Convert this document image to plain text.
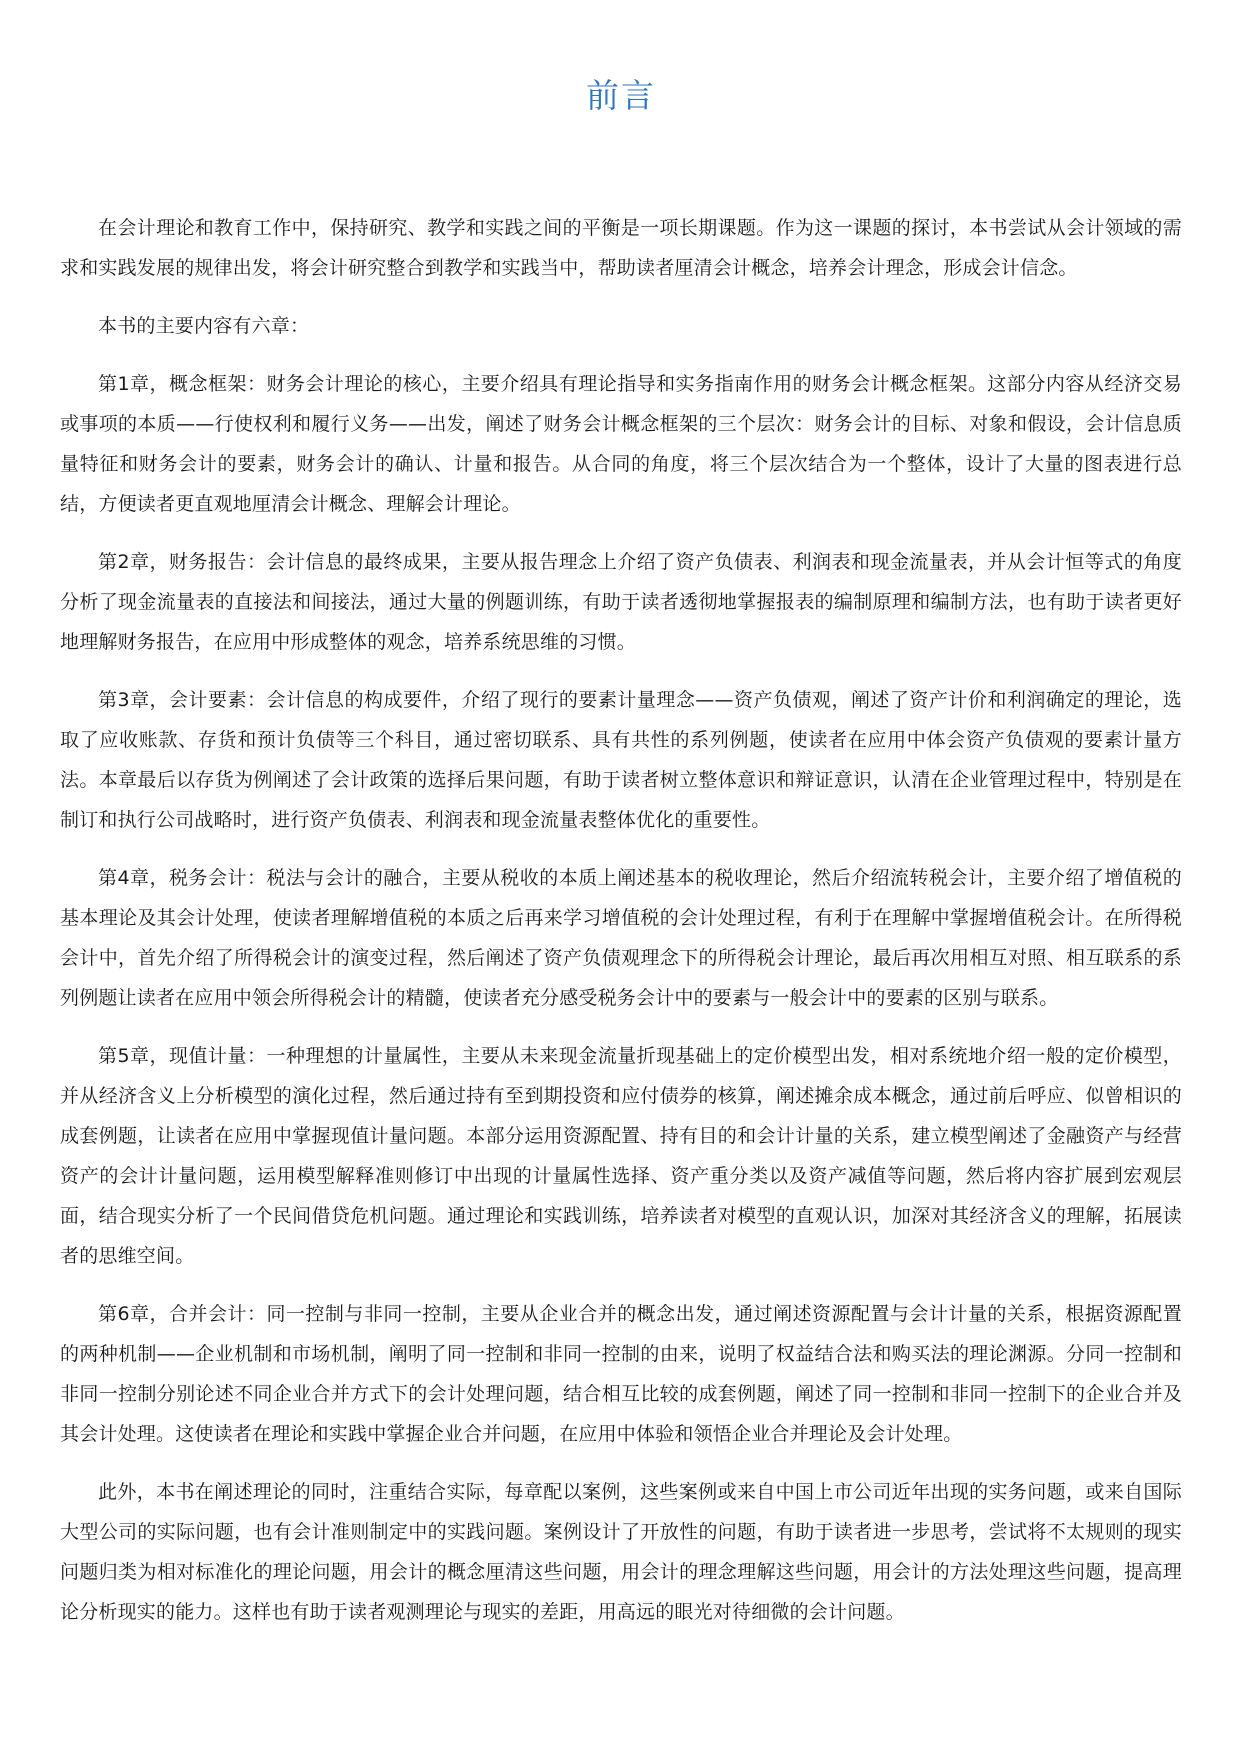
前言

在会计理论和教育工作中，保持研究、教学和实践之间的平衡是一项长期课题。作为这一课题的探讨，本书尝试从会计领域的需求和实践发展的规律出发，将会计研究整合到教学和实践当中，帮助读者厘清会计概念，培养会计理念，形成会计信念。

本书的主要内容有六章：

第1章，概念框架：财务会计理论的核心，主要介绍具有理论指导和实务指南作用的财务会计概念框架。这部分内容从经济交易或事项的本质——行使权利和履行义务——出发，阐述了财务会计概念框架的三个层次：财务会计的目标、对象和假设，会计信息质量特征和财务会计的要素，财务会计的确认、计量和报告。从合同的角度，将三个层次结合为一个整体，设计了大量的图表进行总结，方便读者更直观地厘清会计概念、理解会计理论。

第2章，财务报告：会计信息的最终成果，主要从报告理念上介绍了资产负债表、利润表和现金流量表，并从会计恒等式的角度分析了现金流量表的直接法和间接法，通过大量的例题训练，有助于读者透彻地掌握报表的编制原理和编制方法，也有助于读者更好地理解财务报告，在应用中形成整体的观念，培养系统思维的习惯。

第3章，会计要素：会计信息的构成要件，介绍了现行的要素计量理念——资产负债观，阐述了资产计价和利润确定的理论，选取了应收账款、存货和预计负债等三个科目，通过密切联系、具有共性的系列例题，使读者在应用中体会资产负债观的要素计量方法。本章最后以存货为例阐述了会计政策的选择后果问题，有助于读者树立整体意识和辩证意识，认清在企业管理过程中，特别是在制订和执行公司战略时，进行资产负债表、利润表和现金流量表整体优化的重要性。

第4章，税务会计：税法与会计的融合，主要从税收的本质上阐述基本的税收理论，然后介绍流转税会计，主要介绍了增值税的基本理论及其会计处理，使读者理解增值税的本质之后再来学习增值税的会计处理过程，有利于在理解中掌握增值税会计。在所得税会计中，首先介绍了所得税会计的演变过程，然后阐述了资产负债观理念下的所得税会计理论，最后再次用相互对照、相互联系的系列例题让读者在应用中领会所得税会计的精髓，使读者充分感受税务会计中的要素与一般会计中的要素的区别与联系。

第5章，现值计量：一种理想的计量属性，主要从未来现金流量折现基础上的定价模型出发，相对系统地介绍一般的定价模型，并从经济含义上分析模型的演化过程，然后通过持有至到期投资和应付债券的核算，阐述摊余成本概念，通过前后呼应、似曾相识的成套例题，让读者在应用中掌握现值计量问题。本部分运用资源配置、持有目的和会计计量的关系，建立模型阐述了金融资产与经营资产的会计计量问题，运用模型解释准则修订中出现的计量属性选择、资产重分类以及资产减值等问题，然后将内容扩展到宏观层面，结合现实分析了一个民间借贷危机问题。通过理论和实践训练，培养读者对模型的直观认识，加深对其经济含义的理解，拓展读者的思维空间。

第6章，合并会计：同一控制与非同一控制，主要从企业合并的概念出发，通过阐述资源配置与会计计量的关系，根据资源配置的两种机制——企业机制和市场机制，阐明了同一控制和非同一控制的由来，说明了权益结合法和购买法的理论渊源。分同一控制和非同一控制分别论述不同企业合并方式下的会计处理问题，结合相互比较的成套例题，阐述了同一控制和非同一控制下的企业合并及其会计处理。这使读者在理论和实践中掌握企业合并问题，在应用中体验和领悟企业合并理论及会计处理。

此外，本书在阐述理论的同时，注重结合实际，每章配以案例，这些案例或来自中国上市公司近年出现的实务问题，或来自国际大型公司的实际问题，也有会计准则制定中的实践问题。案例设计了开放性的问题，有助于读者进一步思考，尝试将不太规则的现实问题归类为相对标准化的理论问题，用会计的概念厘清这些问题，用会计的理念理解这些问题，用会计的方法处理这些问题，提高理论分析现实的能力。这样也有助于读者观测理论与现实的差距，用高远的眼光对待细微的会计问题。
